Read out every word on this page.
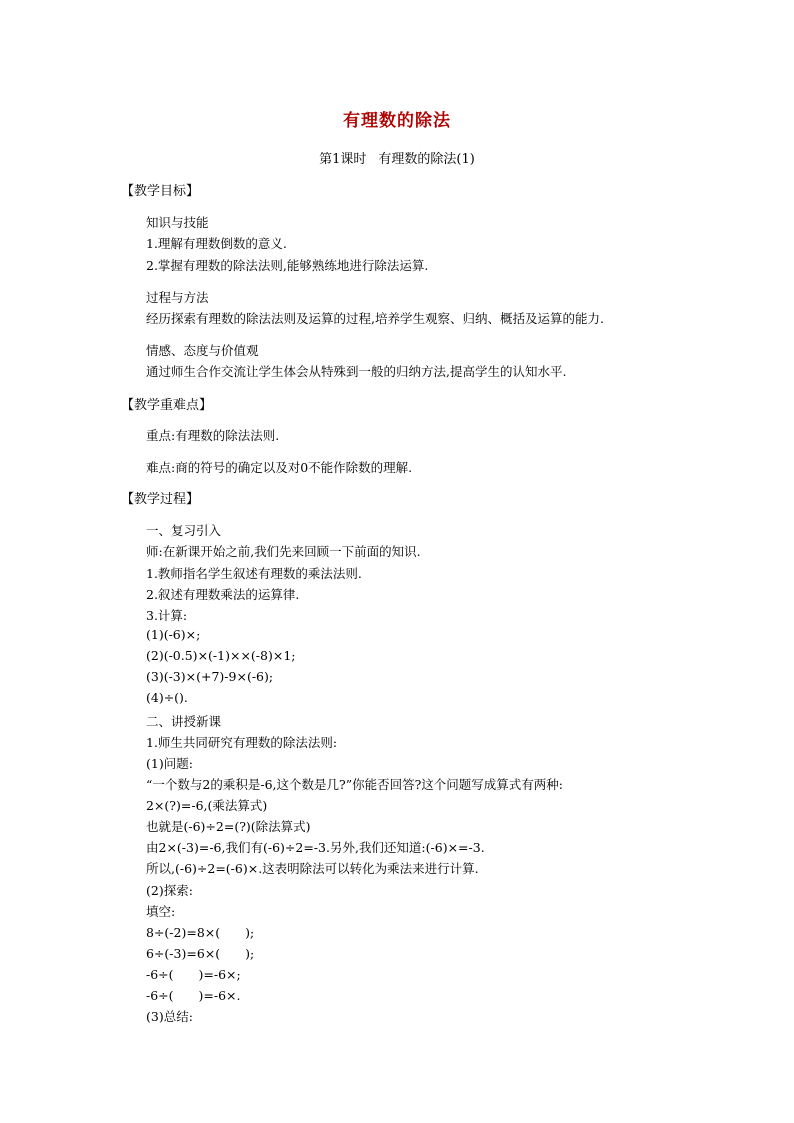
有理数的除法
第1课时 有理数的除法(1)
【教学目标】
知识与技能
1.理解有理数倒数的意义.
2.掌握有理数的除法法则,能够熟练地进行除法运算.
过程与方法
经历探索有理数的除法法则及运算的过程,培养学生观察、归纳、概括及运算的能力.
情感、态度与价值观
通过师生合作交流让学生体会从特殊到一般的归纳方法,提高学生的认知水平.
【教学重难点】
重点:有理数的除法法则.
难点:商的符号的确定以及对0不能作除数的理解.
【教学过程】
一、复习引入
师:在新课开始之前,我们先来回顾一下前面的知识.
1.教师指名学生叙述有理数的乘法法则.
2.叙述有理数乘法的运算律.
3.计算:
(1)(-6)×;
(2)(-0.5)×(-1)××(-8)×1;
(3)(-3)×(+7)-9×(-6);
(4)÷().
二、讲授新课
1.师生共同研究有理数的除法法则:
(1)问题:
“一个数与2的乘积是-6,这个数是几?”你能否回答?这个问题写成算式有两种:
2×(?)=-6,(乘法算式)
也就是(-6)÷2=(?)(除法算式)
由2×(-3)=-6,我们有(-6)÷2=-3.另外,我们还知道:(-6)×=-3.
所以,(-6)÷2=(-6)×.这表明除法可以转化为乘法来进行计算.
(2)探索:
填空:
8÷(-2)=8×(　　);
6÷(-3)=6×(　　);
-6÷(　　)=-6×;
-6÷(　　)=-6×.
(3)总结:
